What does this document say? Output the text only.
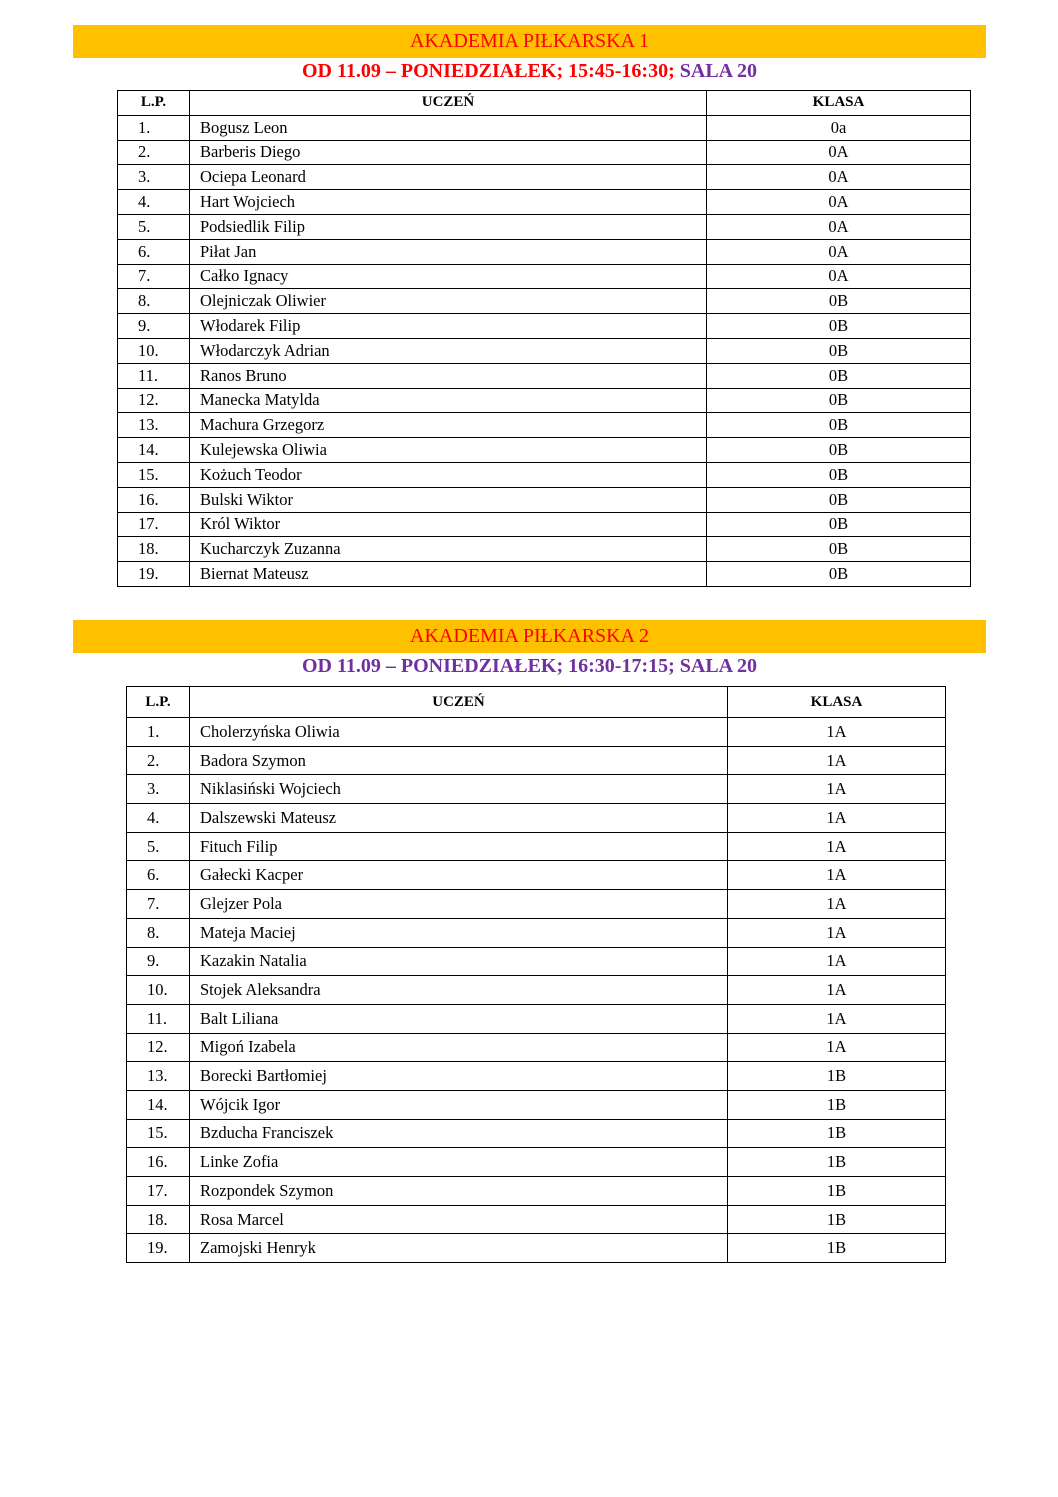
AKADEMIA PIŁKARSKA 1
OD 11.09 – PONIEDZIAŁEK; 15:45-16:30; SALA 20
L.P.	UCZEŃ	KLASA
1.	Bogusz Leon	0a
2.	Barberis Diego	0A
3.	Ociepa Leonard	0A
4.	Hart Wojciech	0A
5.	Podsiedlik Filip	0A
6.	Piłat Jan	0A
7.	Całko Ignacy	0A
8.	Olejniczak Oliwier	0B
9.	Włodarek Filip	0B
10.	Włodarczyk Adrian	0B
11.	Ranos Bruno	0B
12.	Manecka Matylda	0B
13.	Machura Grzegorz	0B
14.	Kulejewska Oliwia	0B
15.	Kożuch Teodor	0B
16.	Bulski Wiktor	0B
17.	Król Wiktor	0B
18.	Kucharczyk Zuzanna	0B
19.	Biernat Mateusz	0B
AKADEMIA PIŁKARSKA 2
OD 11.09 – PONIEDZIAŁEK; 16:30-17:15; SALA 20
L.P.	UCZEŃ	KLASA
1.	Cholerzyńska Oliwia	1A
2.	Badora Szymon	1A
3.	Niklasiński Wojciech	1A
4.	Dalszewski Mateusz	1A
5.	Fituch Filip	1A
6.	Gałecki Kacper	1A
7.	Glejzer Pola	1A
8.	Mateja Maciej	1A
9.	Kazakin Natalia	1A
10.	Stojek Aleksandra	1A
11.	Balt Liliana	1A
12.	Migoń Izabela	1A
13.	Borecki Bartłomiej	1B
14.	Wójcik Igor	1B
15.	Bzducha Franciszek	1B
16.	Linke Zofia	1B
17.	Rozpondek Szymon	1B
18.	Rosa Marcel	1B
19.	Zamojski Henryk	1B
